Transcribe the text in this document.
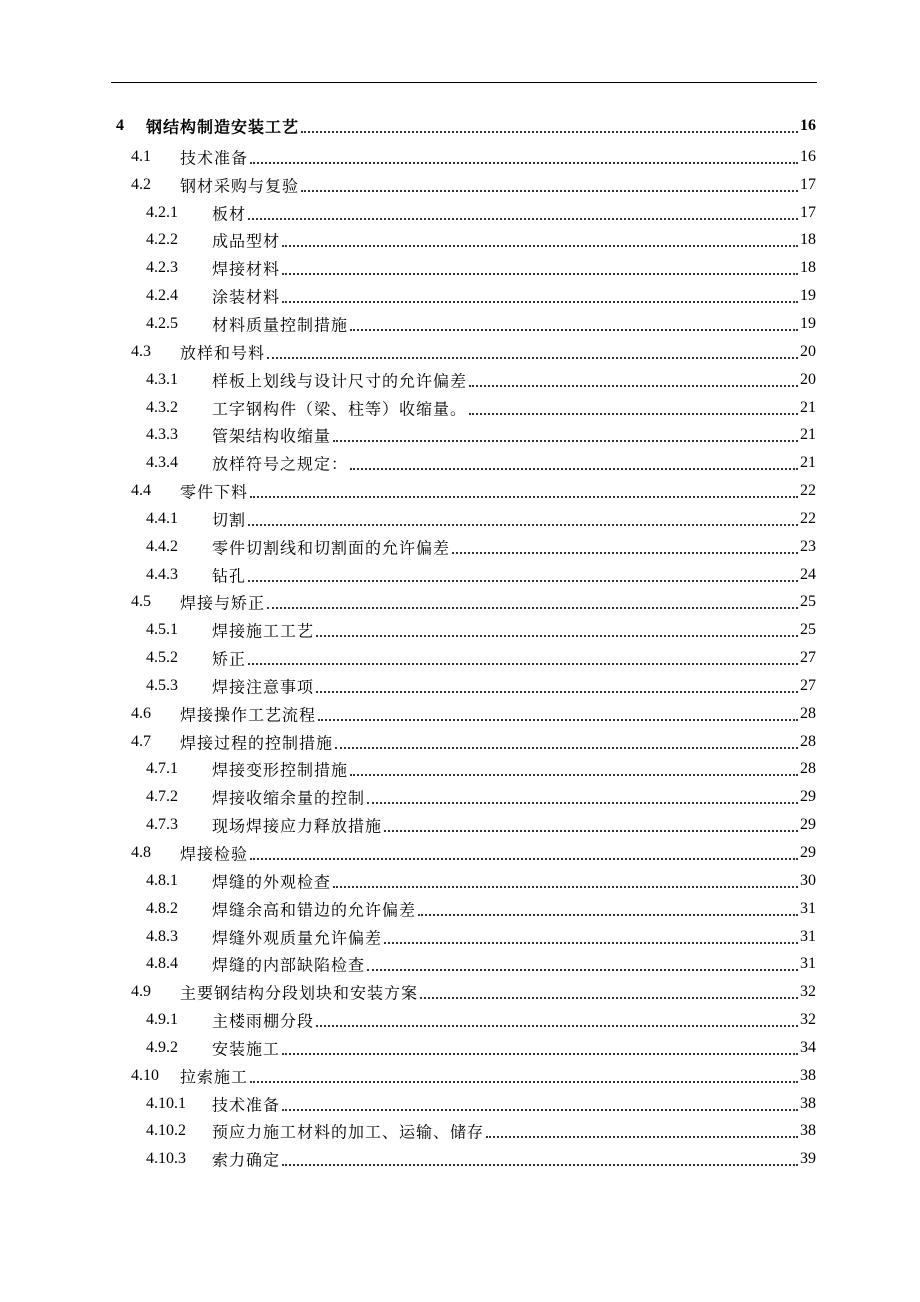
4 钢结构制造安装工艺	16
4.1 技术准备	16
4.2 钢材采购与复验	17
4.2.1 板材	17
4.2.2 成品型材	18
4.2.3 焊接材料	18
4.2.4 涂装材料	19
4.2.5 材料质量控制措施	19
4.3 放样和号料	20
4.3.1 样板上划线与设计尺寸的允许偏差	20
4.3.2 工字钢构件（梁、柱等）收缩量。	21
4.3.3 管架结构收缩量	21
4.3.4 放样符号之规定：	21
4.4 零件下料	22
4.4.1 切割	22
4.4.2 零件切割线和切割面的允许偏差	23
4.4.3 钻孔	24
4.5 焊接与矫正	25
4.5.1 焊接施工工艺	25
4.5.2 矫正	27
4.5.3 焊接注意事项	27
4.6 焊接操作工艺流程	28
4.7 焊接过程的控制措施	28
4.7.1 焊接变形控制措施	28
4.7.2 焊接收缩余量的控制	29
4.7.3 现场焊接应力释放措施	29
4.8 焊接检验	29
4.8.1 焊缝的外观检查	30
4.8.2 焊缝余高和错边的允许偏差	31
4.8.3 焊缝外观质量允许偏差	31
4.8.4 焊缝的内部缺陷检查	31
4.9 主要钢结构分段划块和安装方案	32
4.9.1 主楼雨棚分段	32
4.9.2 安装施工	34
4.10 拉索施工	38
4.10.1 技术准备	38
4.10.2 预应力施工材料的加工、运输、储存	38
4.10.3 索力确定	39
